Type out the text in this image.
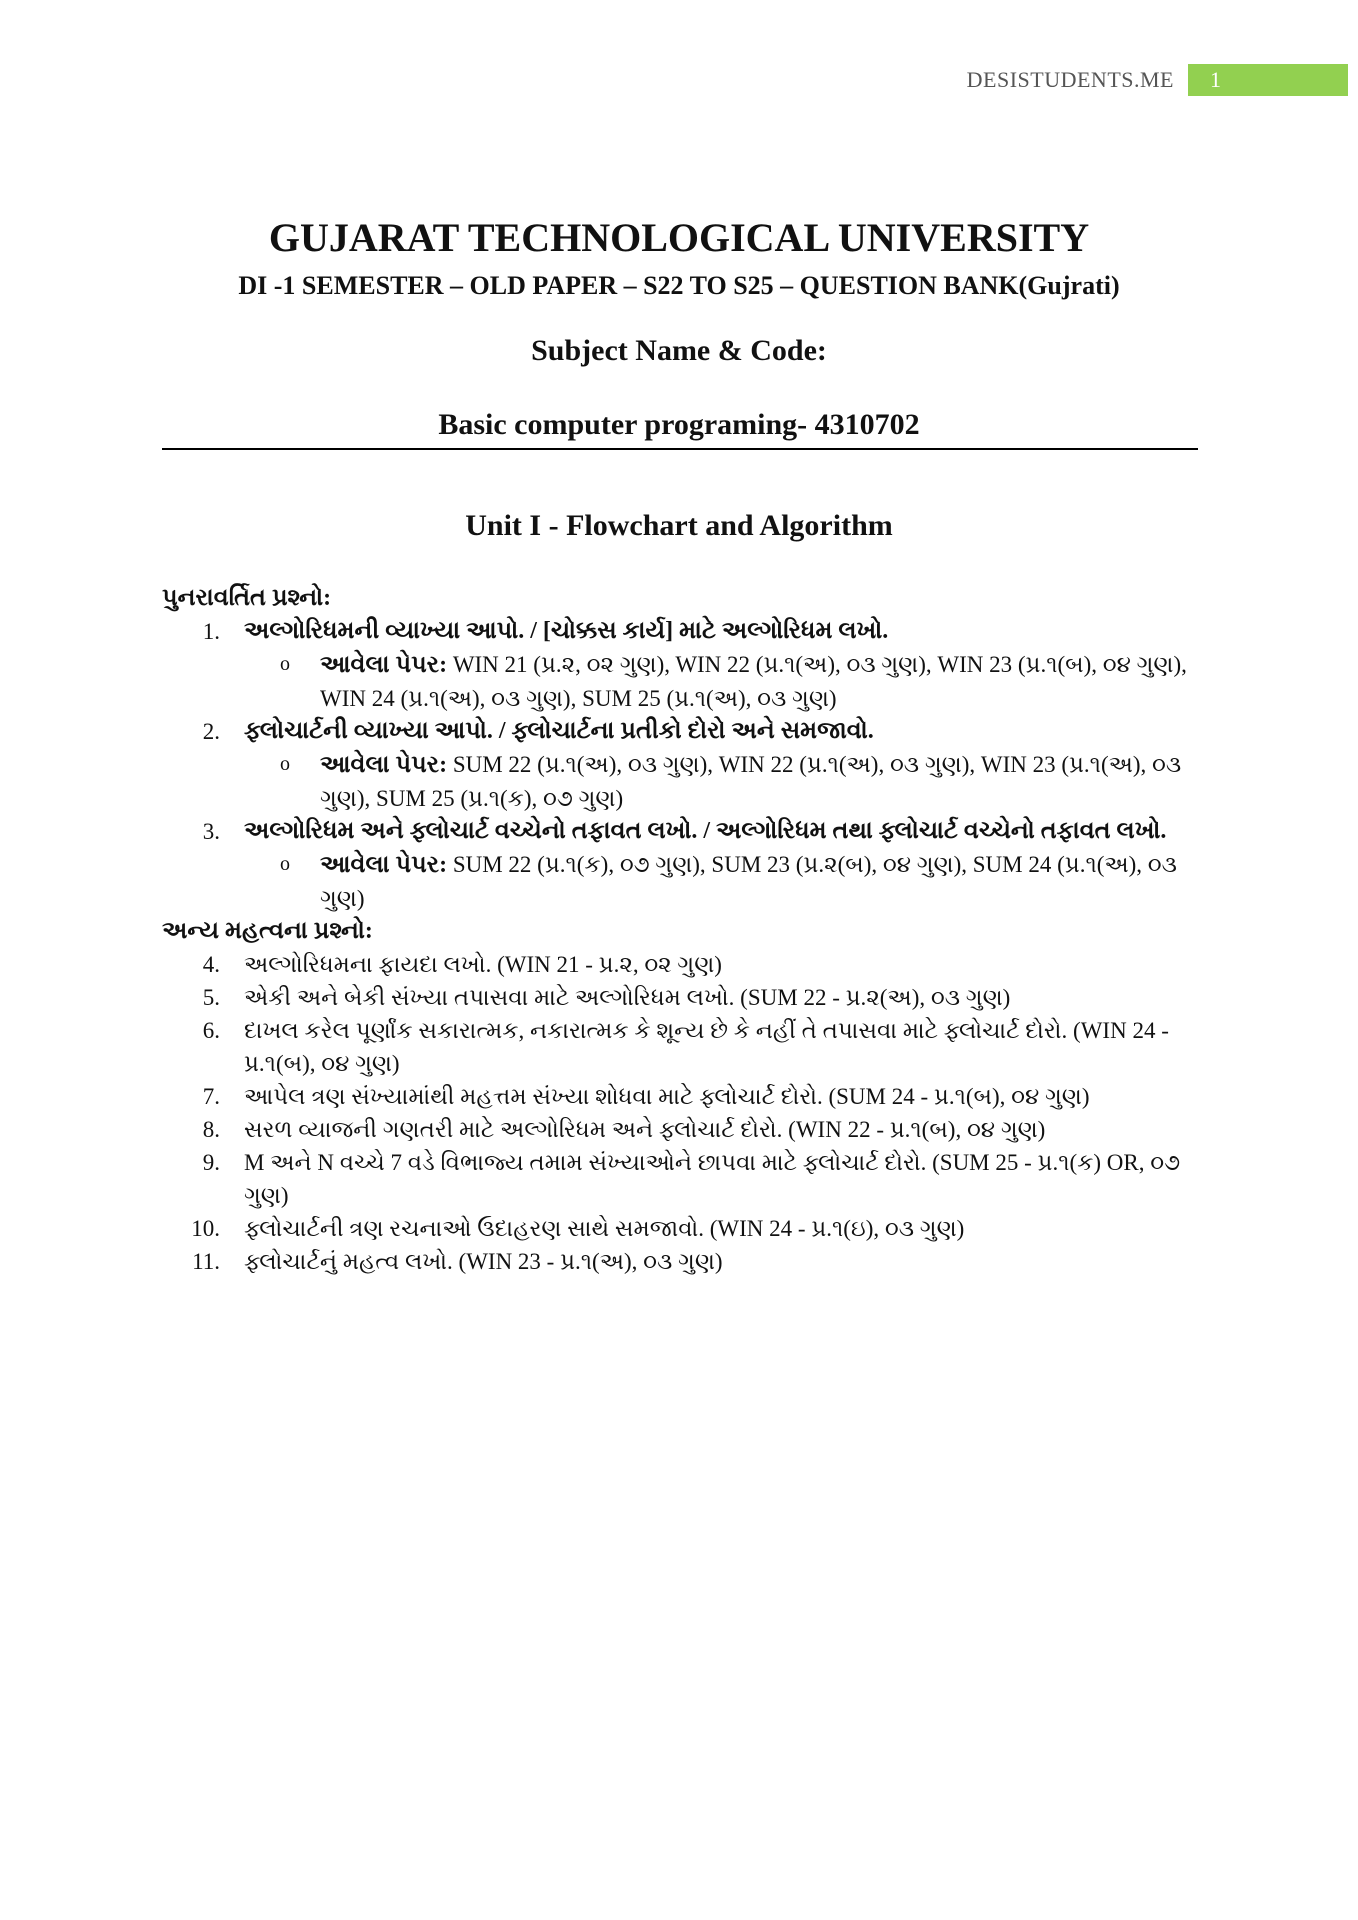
DESISTUDENTS.ME	1
GUJARAT TECHNOLOGICAL UNIVERSITY
DI -1 SEMESTER – OLD PAPER – S22 TO S25 – QUESTION BANK(Gujrati)
Subject Name & Code:
Basic computer programing- 4310702
Unit I - Flowchart and Algorithm
પુનરાવર્તિત પ્રશ્નો:
1.	અલ્ગોરિધમની વ્યાખ્યા આપો. / [ચોક્કસ કાર્ય] માટે અલ્ગોરિધમ લખો.
o	આવેલા પેપર: WIN 21 (પ્ર.૨, ૦૨ ગુણ), WIN 22 (પ્ર.૧(અ), ૦૩ ગુણ), WIN 23 (પ્ર.૧(બ), ૦૪ ગુણ), WIN 24 (પ્ર.૧(અ), ૦૩ ગુણ), SUM 25 (પ્ર.૧(અ), ૦૩ ગુણ)
2.	ફ્લોચાર્ટની વ્યાખ્યા આપો. / ફ્લોચાર્ટના પ્રતીકો દોરો અને સમજાવો.
o	આવેલા પેપર: SUM 22 (પ્ર.૧(અ), ૦૩ ગુણ), WIN 22 (પ્ર.૧(અ), ૦૩ ગુણ), WIN 23 (પ્ર.૧(અ), ૦૩ ગુણ), SUM 25 (પ્ર.૧(ક), ૦૭ ગુણ)
3.	અલ્ગોરિધમ અને ફ્લોચાર્ટ વચ્ચેનો તફાવત લખો. / અલ્ગોરિધમ તથા ફ્લોચાર્ટ વચ્ચેનો તફાવત લખો.
o	આવેલા પેપર: SUM 22 (પ્ર.૧(ક), ૦૭ ગુણ), SUM 23 (પ્ર.૨(બ), ૦૪ ગુણ), SUM 24 (પ્ર.૧(અ), ૦૩ ગુણ)
અન્ય મહત્વના પ્રશ્નો:
4.	અલ્ગોરિધમના ફાયદા લખો. (WIN 21 - પ્ર.૨, ૦૨ ગુણ)
5.	એકી અને બેકી સંખ્યા તપાસવા માટે અલ્ગોરિધમ લખો. (SUM 22 - પ્ર.૨(અ), ૦૩ ગુણ)
6.	દાખલ કરેલ પૂર્ણાંક સકારાત્મક, નકારાત્મક કે શૂન્ય છે કે નહીં તે તપાસવા માટે ફ્લોચાર્ટ દોરો. (WIN 24 - પ્ર.૧(બ), ૦૪ ગુણ)
7.	આપેલ ત્રણ સંખ્યામાંથી મહત્તમ સંખ્યા શોધવા માટે ફ્લોચાર્ટ દોરો. (SUM 24 - પ્ર.૧(બ), ૦૪ ગુણ)
8.	સરળ વ્યાજની ગણતરી માટે અલ્ગોરિધમ અને ફ્લોચાર્ટ દોરો. (WIN 22 - પ્ર.૧(બ), ૦૪ ગુણ)
9.	M અને N વચ્ચે 7 વડે વિભાજ્ય તમામ સંખ્યાઓને છાપવા માટે ફ્લોચાર્ટ દોરો. (SUM 25 - પ્ર.૧(ક) OR, ૦૭ ગુણ)
10.	ફ્લોચાર્ટની ત્રણ રચનાઓ ઉદાહરણ સાથે સમજાવો. (WIN 24 - પ્ર.૧(ઇ), ૦૩ ગુણ)
11.	ફ્લોચાર્ટનું મહત્વ લખો. (WIN 23 - પ્ર.૧(અ), ૦૩ ગુણ)
